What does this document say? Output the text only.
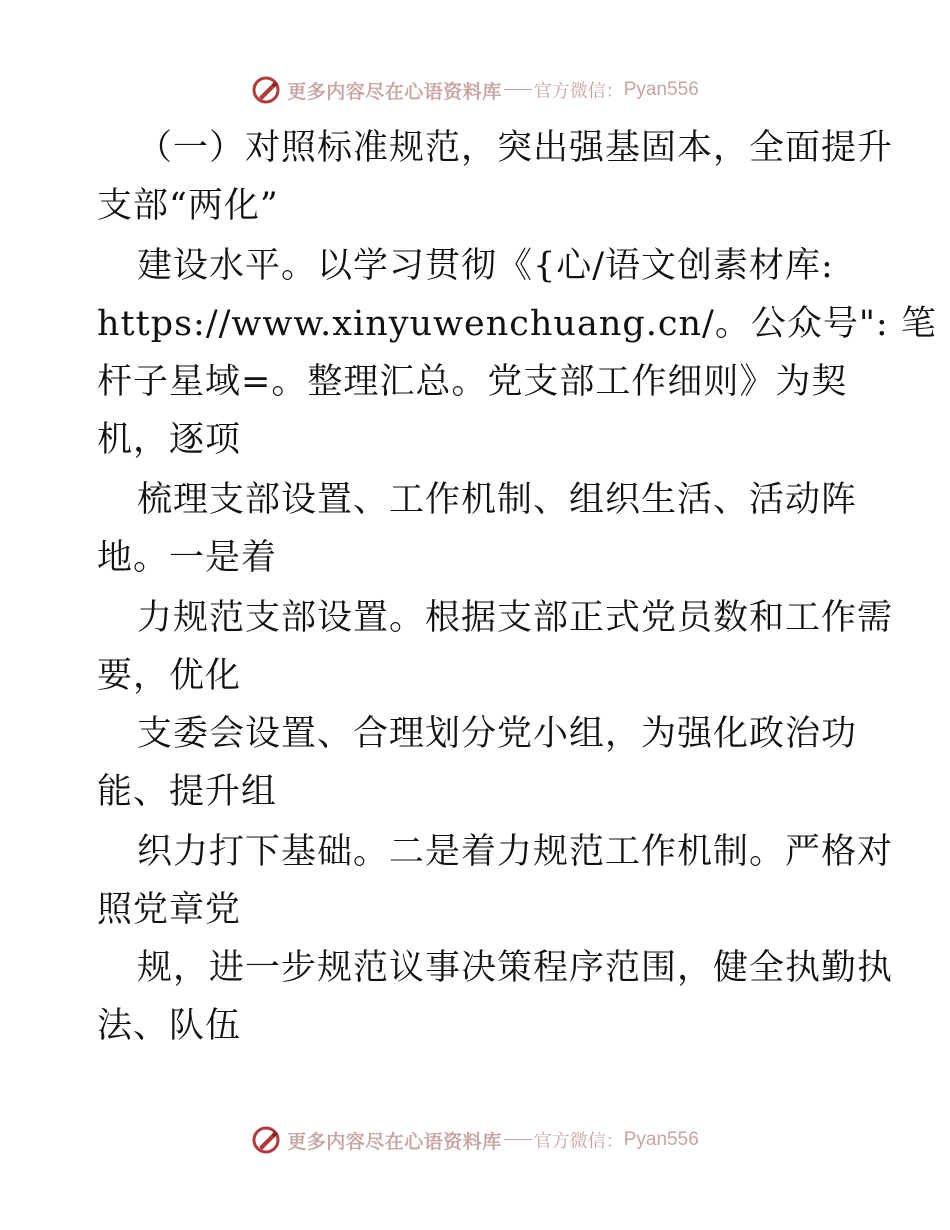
更多内容尽在心语资料库 官方微信： Pyan556
（一）对照标准规范，突出强基固本，全面提升
支部“两化”
建设水平。以学习贯彻《{心/语文创素材库:
https://www.xinyuwenchuang.cn/。公众号": 笔
杆子星域=。整理汇总。党支部工作细则》为契
机，逐项
梳理支部设置、工作机制、组织生活、活动阵
地。一是着
力规范支部设置。根据支部正式党员数和工作需
要，优化
支委会设置、合理划分党小组，为强化政治功
能、提升组
织力打下基础。二是着力规范工作机制。严格对
照党章党
规，进一步规范议事决策程序范围，健全执勤执
法、队伍
更多内容尽在心语资料库 官方微信： Pyan556
